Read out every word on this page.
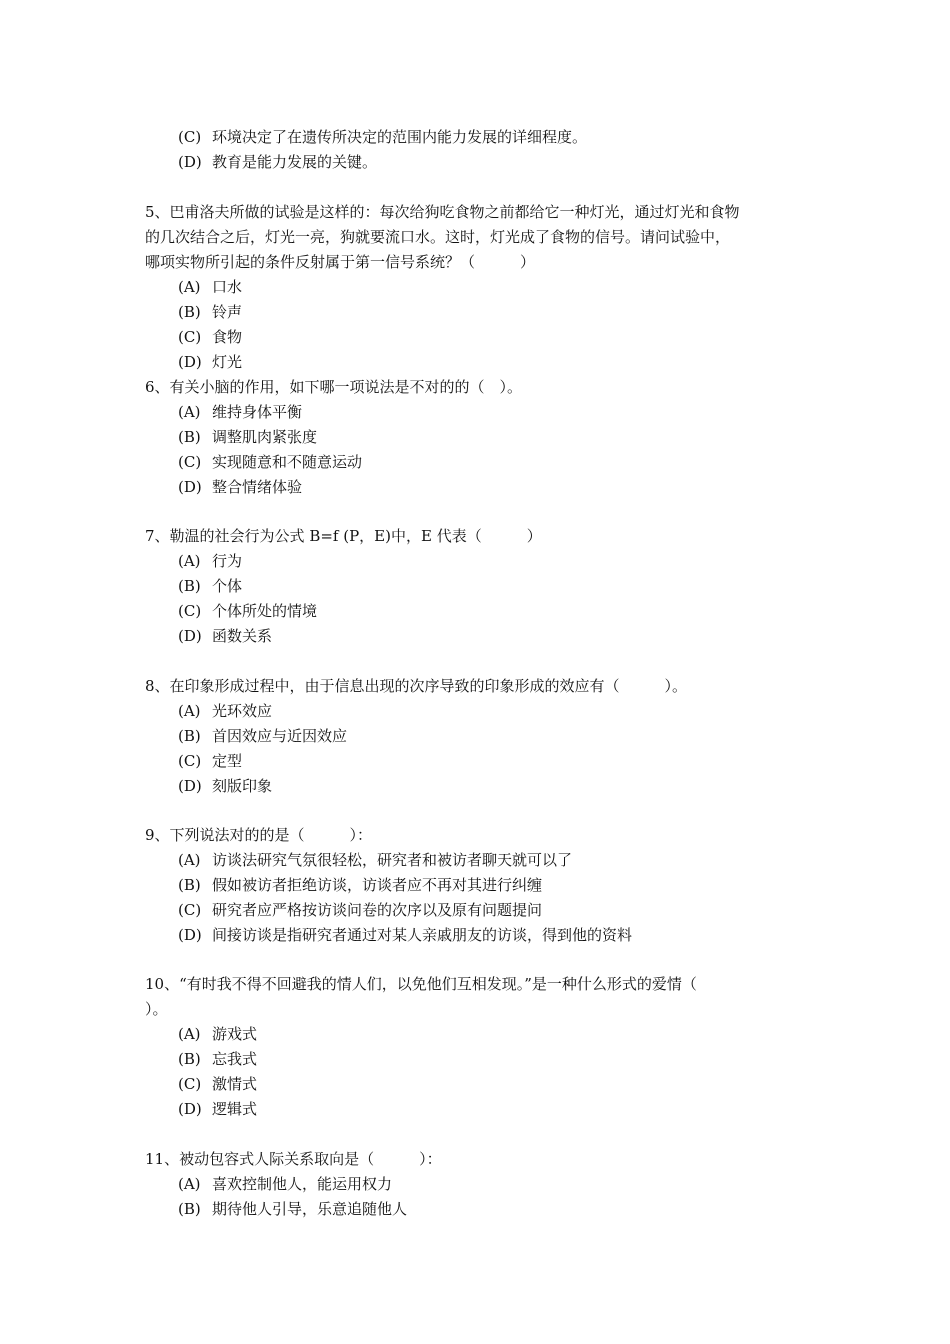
(C) 环境决定了在遗传所决定的范围内能力发展的详细程度。
(D) 教育是能力发展的关键。
5、巴甫洛夫所做的试验是这样的：每次给狗吃食物之前都给它一种灯光，通过灯光和食物
的几次结合之后，灯光一亮，狗就要流口水。这时，灯光成了食物的信号。请问试验中，
哪项实物所引起的条件反射属于第一信号系统？（　　　）
(A) 口水
(B) 铃声
(C) 食物
(D) 灯光
6、有关小脑的作用，如下哪一项说法是不对的的（　）。
(A) 维持身体平衡
(B) 调整肌肉紧张度
(C) 实现随意和不随意运动
(D) 整合情绪体验
7、勒温的社会行为公式 B=f (P，E)中，E 代表（　　　）
(A) 行为
(B) 个体
(C) 个体所处的情境
(D) 函数关系
8、在印象形成过程中，由于信息出现的次序导致的印象形成的效应有（　　　）。
(A) 光环效应
(B) 首因效应与近因效应
(C) 定型
(D) 刻版印象
9、下列说法对的的是（　　　）：
(A) 访谈法研究气氛很轻松，研究者和被访者聊天就可以了
(B) 假如被访者拒绝访谈，访谈者应不再对其进行纠缠
(C) 研究者应严格按访谈问卷的次序以及原有问题提问
(D) 间接访谈是指研究者通过对某人亲戚朋友的访谈，得到他的资料
10、“有时我不得不回避我的情人们，以免他们互相发现。”是一种什么形式的爱情（
）。
(A) 游戏式
(B) 忘我式
(C) 激情式
(D) 逻辑式
11、被动包容式人际关系取向是（　　　）：
(A) 喜欢控制他人，能运用权力
(B) 期待他人引导，乐意追随他人
